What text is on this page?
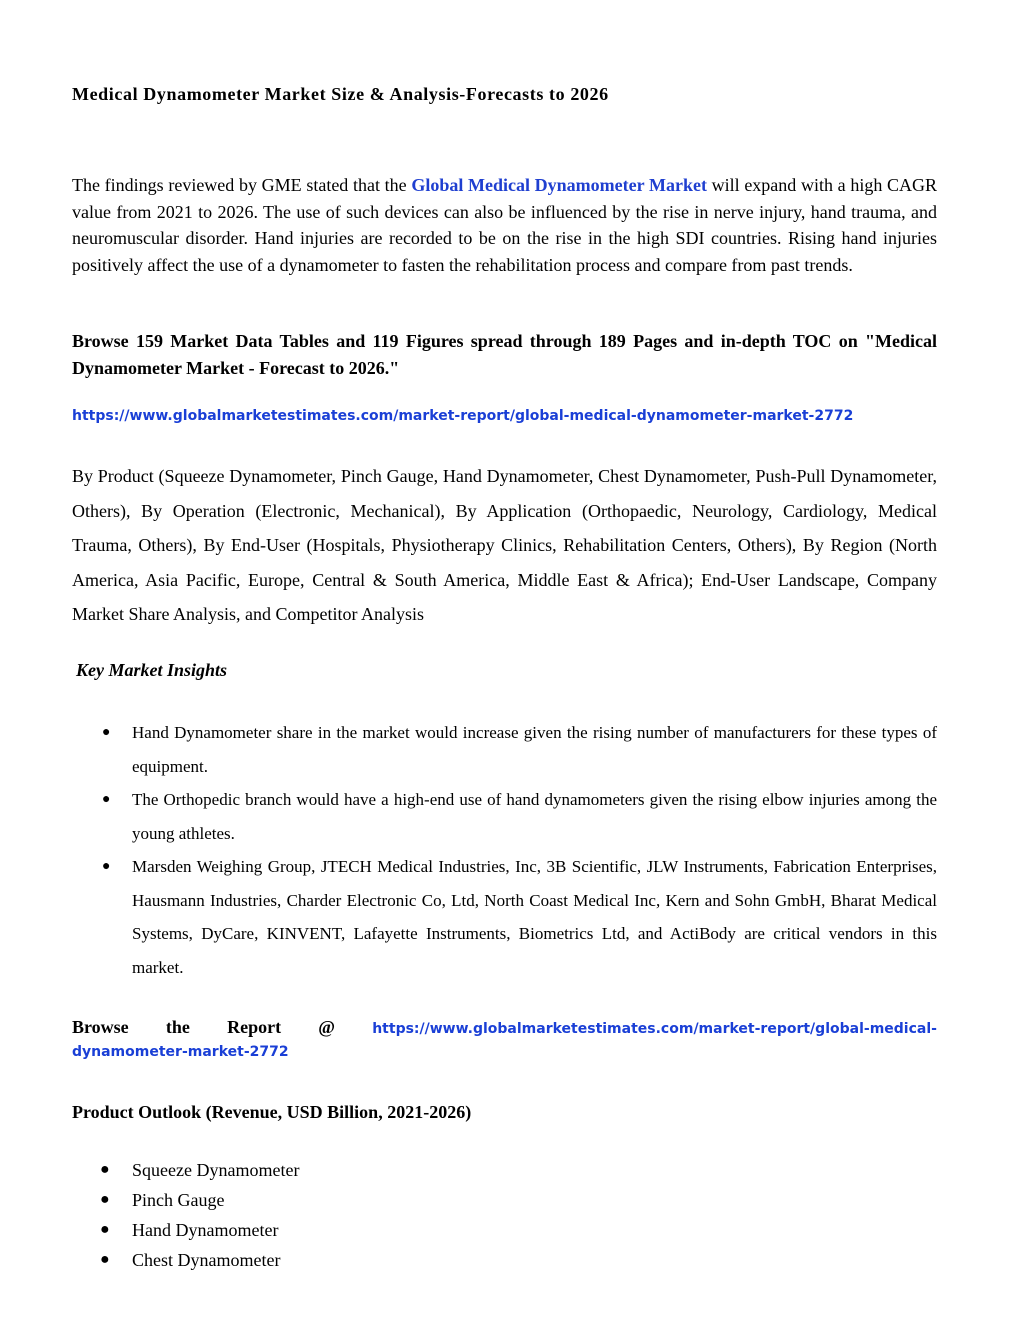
Medical Dynamometer Market Size & Analysis-Forecasts to 2026
The findings reviewed by GME stated that the Global Medical Dynamometer Market will expand with a high CAGR value from 2021 to 2026. The use of such devices can also be influenced by the rise in nerve injury, hand trauma, and neuromuscular disorder. Hand injuries are recorded to be on the rise in the high SDI countries. Rising hand injuries positively affect the use of a dynamometer to fasten the rehabilitation process and compare from past trends.
Browse 159 Market Data Tables and 119 Figures spread through 189 Pages and in-depth TOC on "Medical Dynamometer Market - Forecast to 2026."
https://www.globalmarketestimates.com/market-report/global-medical-dynamometer-market-2772
By Product (Squeeze Dynamometer, Pinch Gauge, Hand Dynamometer, Chest Dynamometer, Push-Pull Dynamometer, Others), By Operation (Electronic, Mechanical), By Application (Orthopaedic, Neurology, Cardiology, Medical Trauma, Others), By End-User (Hospitals, Physiotherapy Clinics, Rehabilitation Centers, Others), By Region (North America, Asia Pacific, Europe, Central & South America, Middle East & Africa); End-User Landscape, Company Market Share Analysis, and Competitor Analysis
Key Market Insights
● Hand Dynamometer share in the market would increase given the rising number of manufacturers for these types of equipment.
● The Orthopedic branch would have a high-end use of hand dynamometers given the rising elbow injuries among the young athletes.
● Marsden Weighing Group, JTECH Medical Industries, Inc, 3B Scientific, JLW Instruments, Fabrication Enterprises, Hausmann Industries, Charder Electronic Co, Ltd, North Coast Medical Inc, Kern and Sohn GmbH, Bharat Medical Systems, DyCare, KINVENT, Lafayette Instruments, Biometrics Ltd, and ActiBody are critical vendors in this market.
Browse the Report @	https://www.globalmarketestimates.com/market-report/global-medical-
dynamometer-market-2772
Product Outlook (Revenue, USD Billion, 2021-2026)
● Squeeze Dynamometer
● Pinch Gauge
● Hand Dynamometer
● Chest Dynamometer
